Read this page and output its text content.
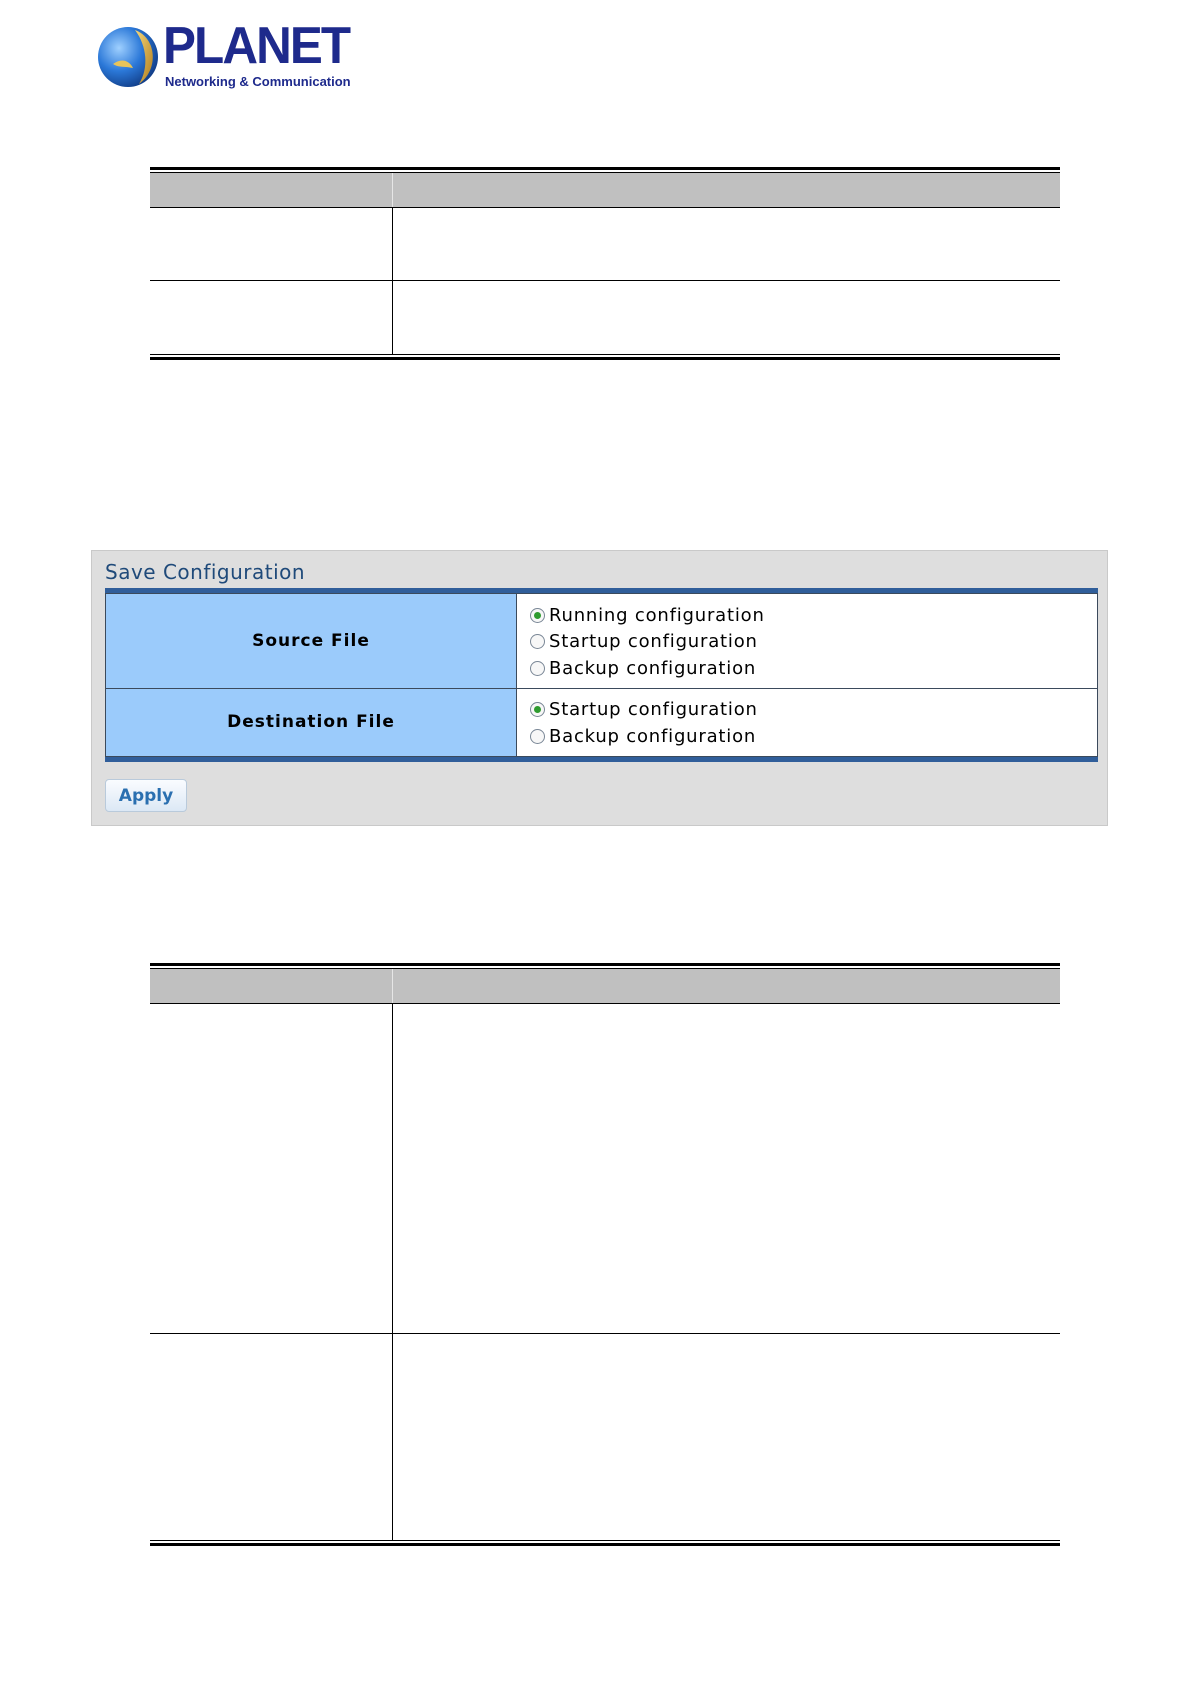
PLANET
Networking & Communication

Save Configuration
Source File	Running configuration
Startup configuration
Backup configuration

Destination File	Startup configuration
Backup configuration
Apply
